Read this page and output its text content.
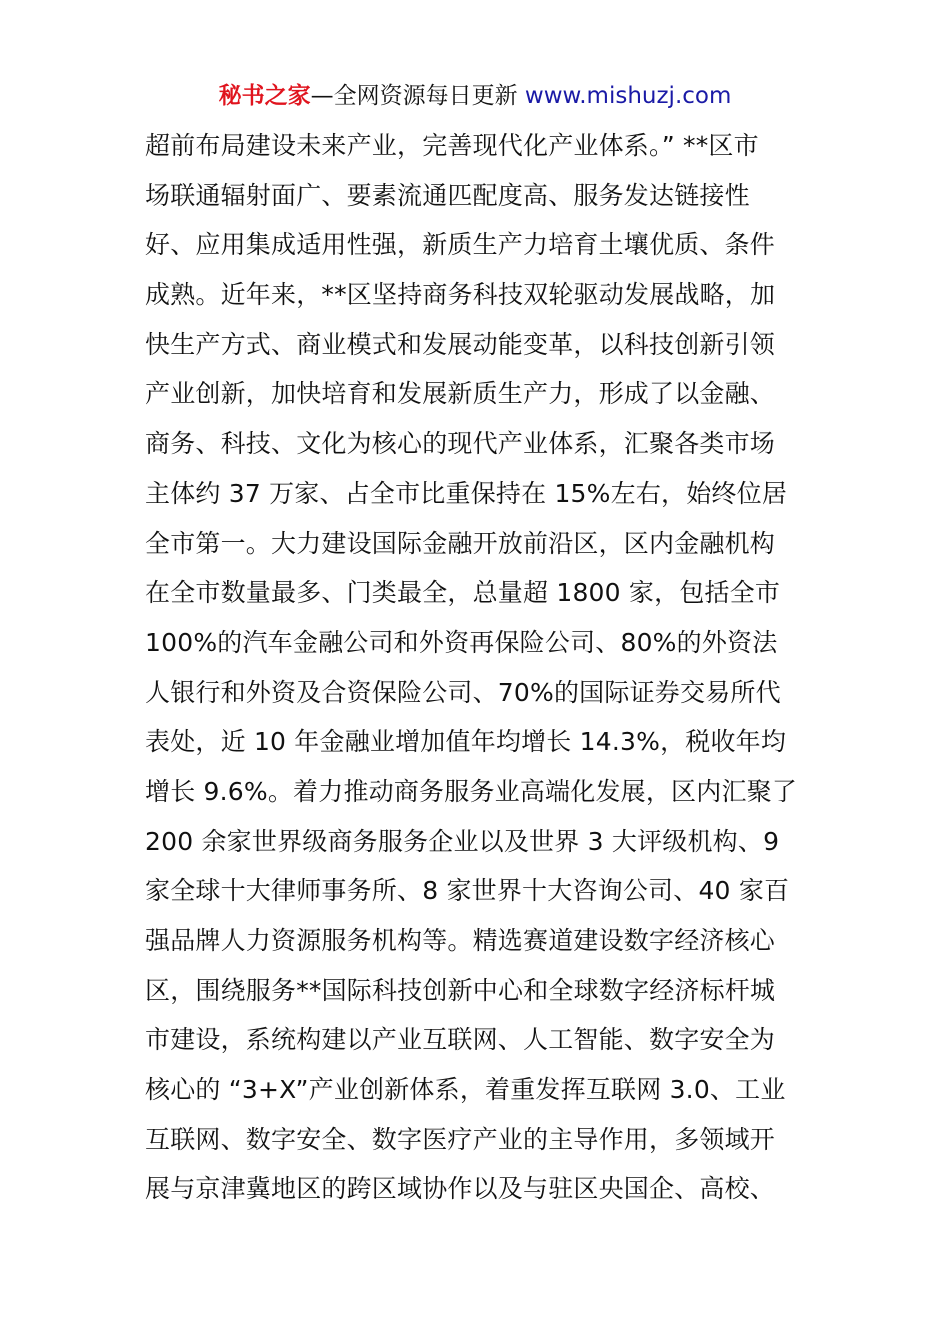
秘书之家—全网资源每日更新 www.mishuzj.com
超前布局建设未来产业，完善现代化产业体系。” **区市
场联通辐射面广、要素流通匹配度高、服务发达链接性
好、应用集成适用性强，新质生产力培育土壤优质、条件
成熟。近年来，**区坚持商务科技双轮驱动发展战略，加
快生产方式、商业模式和发展动能变革，以科技创新引领
产业创新，加快培育和发展新质生产力，形成了以金融、
商务、科技、文化为核心的现代产业体系，汇聚各类市场
主体约 37 万家、占全市比重保持在 15%左右，始终位居
全市第一。大力建设国际金融开放前沿区，区内金融机构
在全市数量最多、门类最全，总量超 1800 家，包括全市
100%的汽车金融公司和外资再保险公司、80%的外资法
人银行和外资及合资保险公司、70%的国际证券交易所代
表处，近 10 年金融业增加值年均增长 14.3%，税收年均
增长 9.6%。着力推动商务服务业高端化发展，区内汇聚了
200 余家世界级商务服务企业以及世界 3 大评级机构、9
家全球十大律师事务所、8 家世界十大咨询公司、40 家百
强品牌人力资源服务机构等。精选赛道建设数字经济核心
区，围绕服务**国际科技创新中心和全球数字经济标杆城
市建设，系统构建以产业互联网、人工智能、数字安全为
核心的 “3+X”产业创新体系，着重发挥互联网 3.0、工业
互联网、数字安全、数字医疗产业的主导作用，多领域开
展与京津冀地区的跨区域协作以及与驻区央国企、高校、
